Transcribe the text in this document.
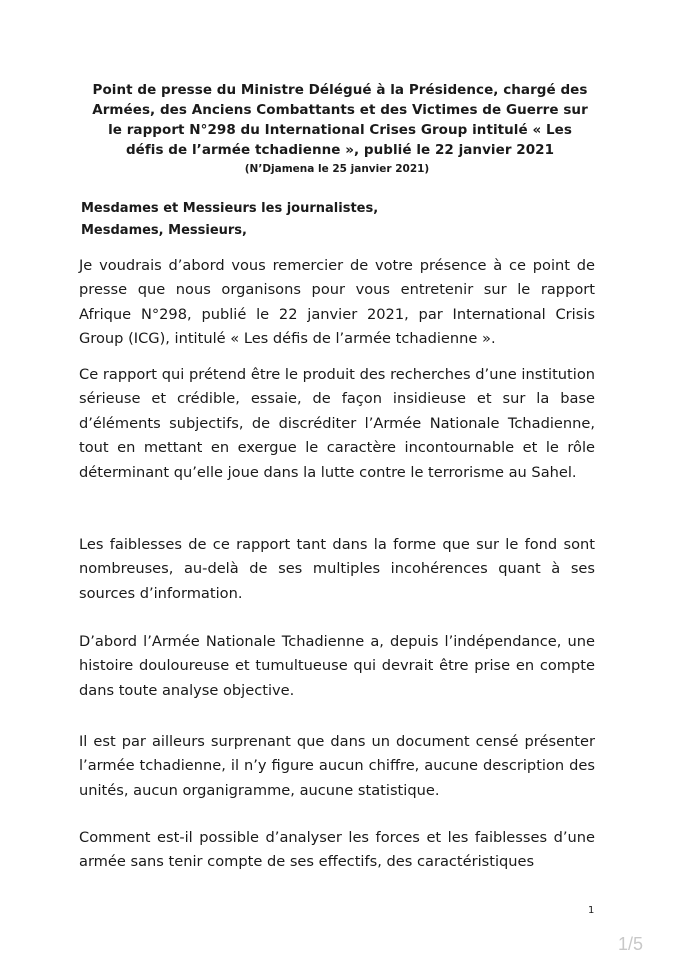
Point de presse du Ministre Délégué à la Présidence, chargé des Armées, des Anciens Combattants et des Victimes de Guerre sur le rapport N°298 du International Crises Group intitulé « Les défis de l’armée tchadienne », publié le 22 janvier 2021
(N’Djamena le 25 janvier 2021)
Mesdames et Messieurs les journalistes,
Mesdames, Messieurs,
Je voudrais d’abord vous remercier de votre présence à ce point de presse que nous organisons pour vous entretenir sur le rapport Afrique N°298, publié le 22 janvier 2021, par International Crisis Group (ICG), intitulé « Les défis de l’armée tchadienne ».
Ce rapport qui prétend être le produit des recherches d’une institution sérieuse et crédible, essaie, de façon insidieuse et sur la base d’éléments subjectifs, de discréditer l’Armée Nationale Tchadienne, tout en mettant en exergue le caractère incontournable et le rôle déterminant qu’elle joue dans la lutte contre le terrorisme au Sahel.
Les faiblesses de ce rapport tant dans la forme que sur le fond sont nombreuses, au-delà de ses multiples incohérences quant à ses sources d’information.
D’abord l’Armée Nationale Tchadienne a, depuis l’indépendance, une histoire douloureuse et tumultueuse qui devrait être prise en compte dans toute analyse objective.
Il est par ailleurs surprenant que dans un document censé présenter l’armée tchadienne, il n’y figure aucun chiffre, aucune description des unités, aucun organigramme, aucune statistique.
Comment est-il possible d’analyser les forces et les faiblesses d’une armée sans tenir compte de ses effectifs, des caractéristiques
1
1/5
